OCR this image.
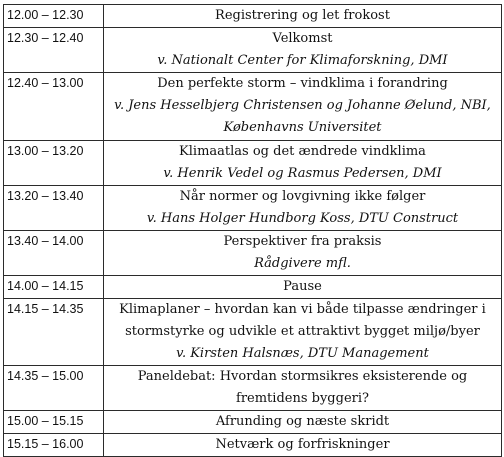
12.00 – 12.30	Registrering og let frokost

12.30 – 12.40	Velkomst
v. Nationalt Center for Klimaforskning, DMI

12.40 – 13.00	Den perfekte storm – vindklima i forandring
v. Jens Hesselbjerg Christensen og Johanne Øelund, NBI, Københavns Universitet

13.00 – 13.20	Klimaatlas og det ændrede vindklima
v. Henrik Vedel og Rasmus Pedersen, DMI

13.20 – 13.40	Når normer og lovgivning ikke følger
v. Hans Holger Hundborg Koss, DTU Construct

13.40 – 14.00	Perspektiver fra praksis
Rådgivere mfl.

14.00 – 14.15	Pause

14.15 – 14.35	Klimaplaner – hvordan kan vi både tilpasse ændringer i stormstyrke og udvikle et attraktivt bygget miljø/byer
v. Kirsten Halsnæs, DTU Management

14.35 – 15.00	Paneldebat: Hvordan stormsikres eksisterende og fremtidens byggeri?

15.00 – 15.15	Afrunding og næste skridt

15.15 – 16.00	Netværk og forfriskninger
